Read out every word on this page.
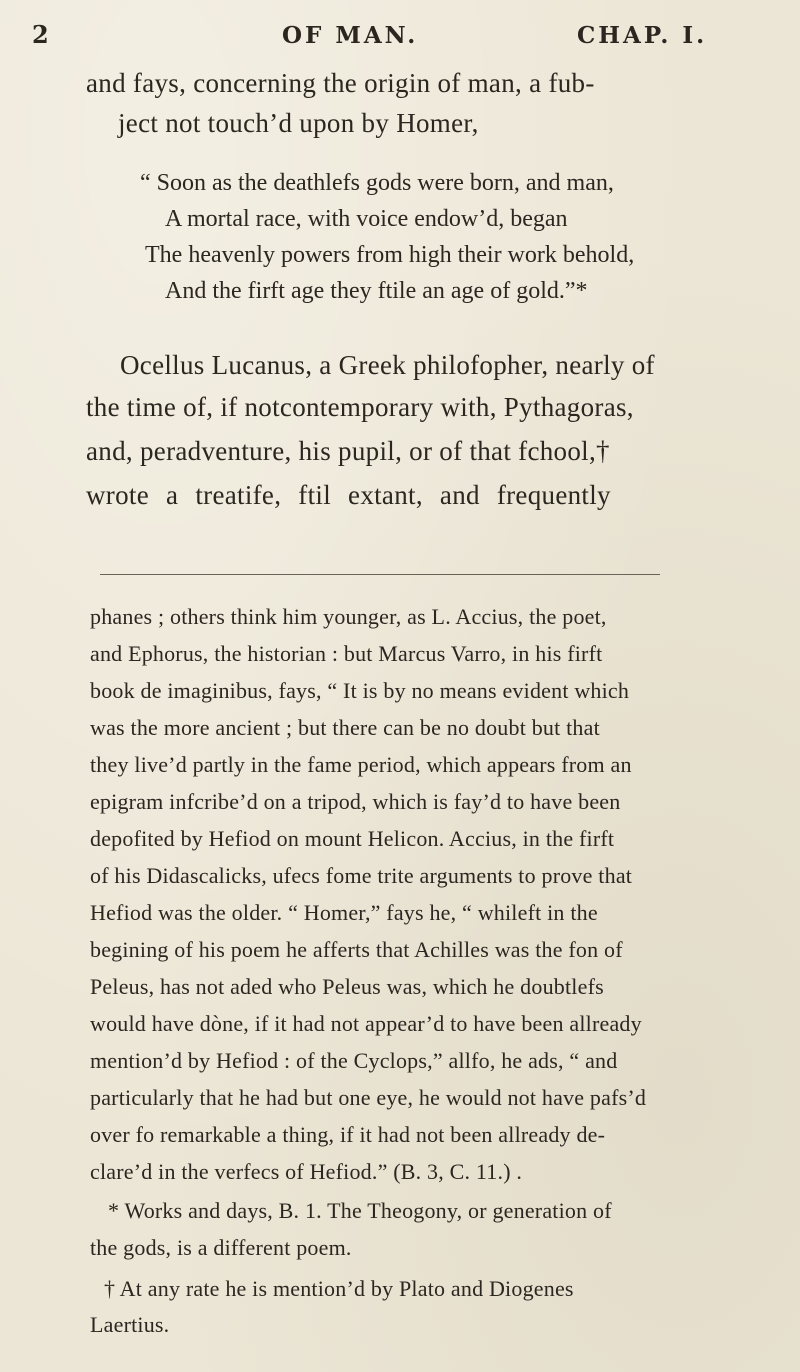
2	OF MAN.	CHAP. I.
and fays, concerning the origin of man, a fub-
ject not touch’d upon by Homer,
“ Soon as the deathlefs gods were born, and man,
A mortal race, with voice endow’d, began
The heavenly powers from high their work behold,
And the firft age they ftile an age of gold.”*
Ocellus Lucanus, a Greek philofopher, nearly of
the time of, if notcontemporary with, Pythagoras,
and, peradventure, his pupil, or of that fchool,†
wrote a treatife, ftil extant, and frequently
phanes ; others think him younger, as L. Accius, the poet,
and Ephorus, the historian : but Marcus Varro, in his firft
book de imaginibus, fays, “ It is by no means evident which
was the more ancient ; but there can be no doubt but that
they live’d partly in the fame period, which appears from an
epigram infcribe’d on a tripod, which is fay’d to have been
depofited by Hefiod on mount Helicon. Accius, in the firft
of his Didascalicks, ufecs fome trite arguments to prove that
Hefiod was the older. “ Homer,” fays he, “ whileft in the
begining of his poem he afferts that Achilles was the fon of
Peleus, has not aded who Peleus was, which he doubtlefs
would have dòne, if it had not appear’d to have been allready
mention’d by Hefiod : of the Cyclops,” allfo, he ads, “ and
particularly that he had but one eye, he would not have pafs’d
over fo remarkable a thing, if it had not been allready de-
clare’d in the verfecs of Hefiod.” (B. 3, C. 11.) .
* Works and days, B. 1. The Theogony, or generation of
the gods, is a different poem.
† At any rate he is mention’d by Plato and Diogenes
Laertius.
